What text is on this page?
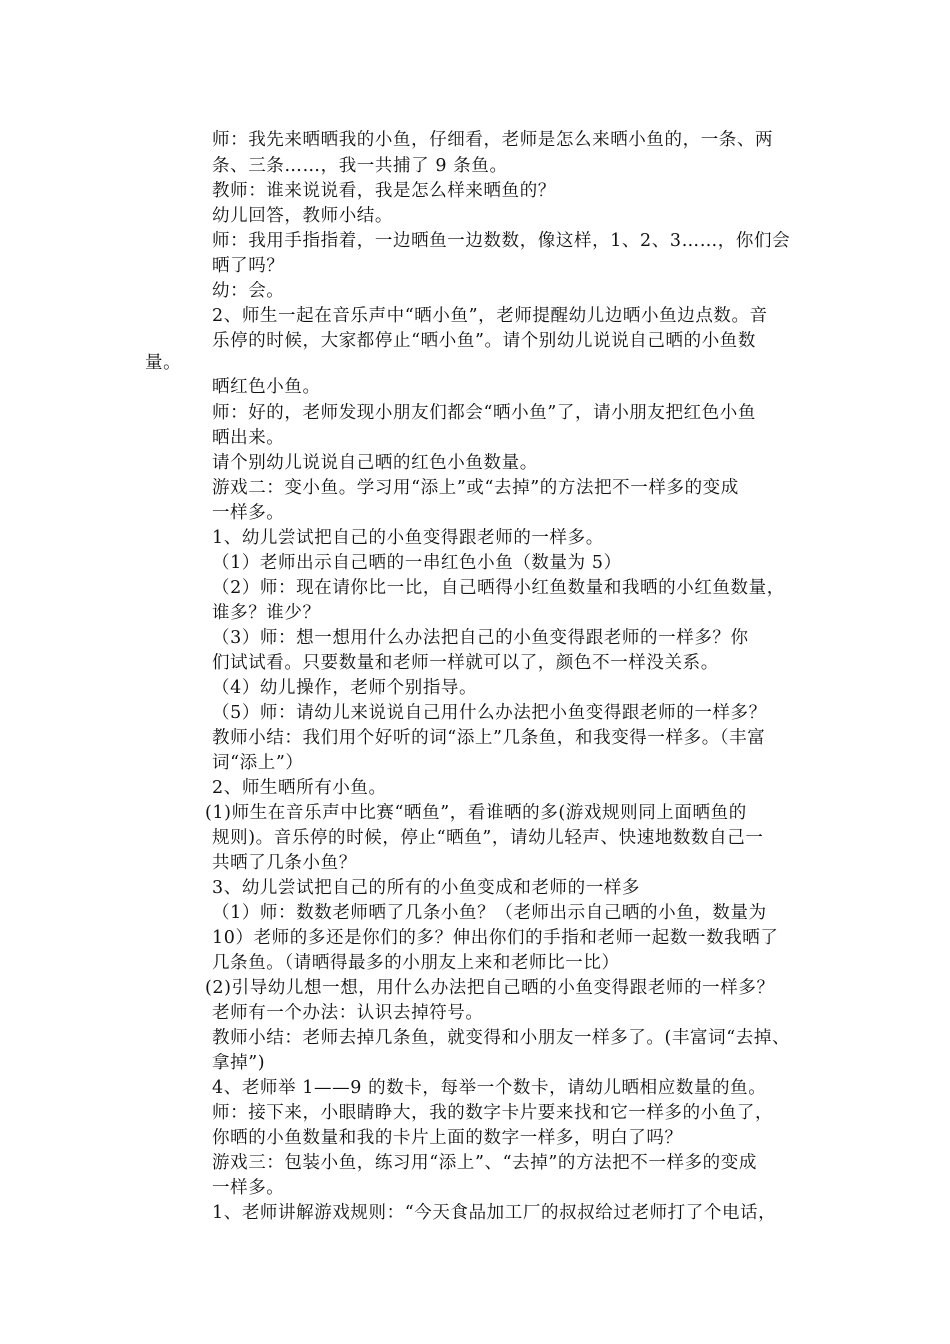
师：我先来晒晒我的小鱼，仔细看，老师是怎么来晒小鱼的，一条、两
条、三条……，我一共捕了 9 条鱼。
教师：谁来说说看，我是怎么样来晒鱼的？
幼儿回答，教师小结。
师：我用手指指着，一边晒鱼一边数数，像这样，1、2、3……，你们会
晒了吗？
幼：会。
2、师生一起在音乐声中“晒小鱼”，老师提醒幼儿边晒小鱼边点数。音
乐停的时候，大家都停止“晒小鱼”。请个别幼儿说说自己晒的小鱼数
量。
晒红色小鱼。
师：好的，老师发现小朋友们都会“晒小鱼”了，请小朋友把红色小鱼
晒出来。
请个别幼儿说说自己晒的红色小鱼数量。
游戏二：变小鱼。学习用“添上”或“去掉”的方法把不一样多的变成
一样多。
1、幼儿尝试把自己的小鱼变得跟老师的一样多。
（1）老师出示自己晒的一串红色小鱼（数量为 5）
（2）师：现在请你比一比，自己晒得小红鱼数量和我晒的小红鱼数量，
谁多？谁少？
（3）师：想一想用什么办法把自己的小鱼变得跟老师的一样多？你
们试试看。只要数量和老师一样就可以了，颜色不一样没关系。
（4）幼儿操作，老师个别指导。
（5）师：请幼儿来说说自己用什么办法把小鱼变得跟老师的一样多？
教师小结：我们用个好听的词“添上”几条鱼，和我变得一样多。（丰富
词“添上”）
2、师生晒所有小鱼。
(1)师生在音乐声中比赛“晒鱼”，看谁晒的多(游戏规则同上面晒鱼的
规则)。音乐停的时候，停止“晒鱼”，请幼儿轻声、快速地数数自己一
共晒了几条小鱼？
3、幼儿尝试把自己的所有的小鱼变成和老师的一样多
（1）师：数数老师晒了几条小鱼？（老师出示自己晒的小鱼，数量为
10）老师的多还是你们的多？伸出你们的手指和老师一起数一数我晒了
几条鱼。（请晒得最多的小朋友上来和老师比一比）
(2)引导幼儿想一想，用什么办法把自己晒的小鱼变得跟老师的一样多？
老师有一个办法：认识去掉符号。
教师小结：老师去掉几条鱼，就变得和小朋友一样多了。(丰富词“去掉、
拿掉”)
4、老师举 1——9 的数卡，每举一个数卡，请幼儿晒相应数量的鱼。
师：接下来，小眼睛睁大，我的数字卡片要来找和它一样多的小鱼了，
你晒的小鱼数量和我的卡片上面的数字一样多，明白了吗？
游戏三：包装小鱼，练习用“添上”、“去掉”的方法把不一样多的变成
一样多。
1、老师讲解游戏规则：“今天食品加工厂的叔叔给过老师打了个电话，
